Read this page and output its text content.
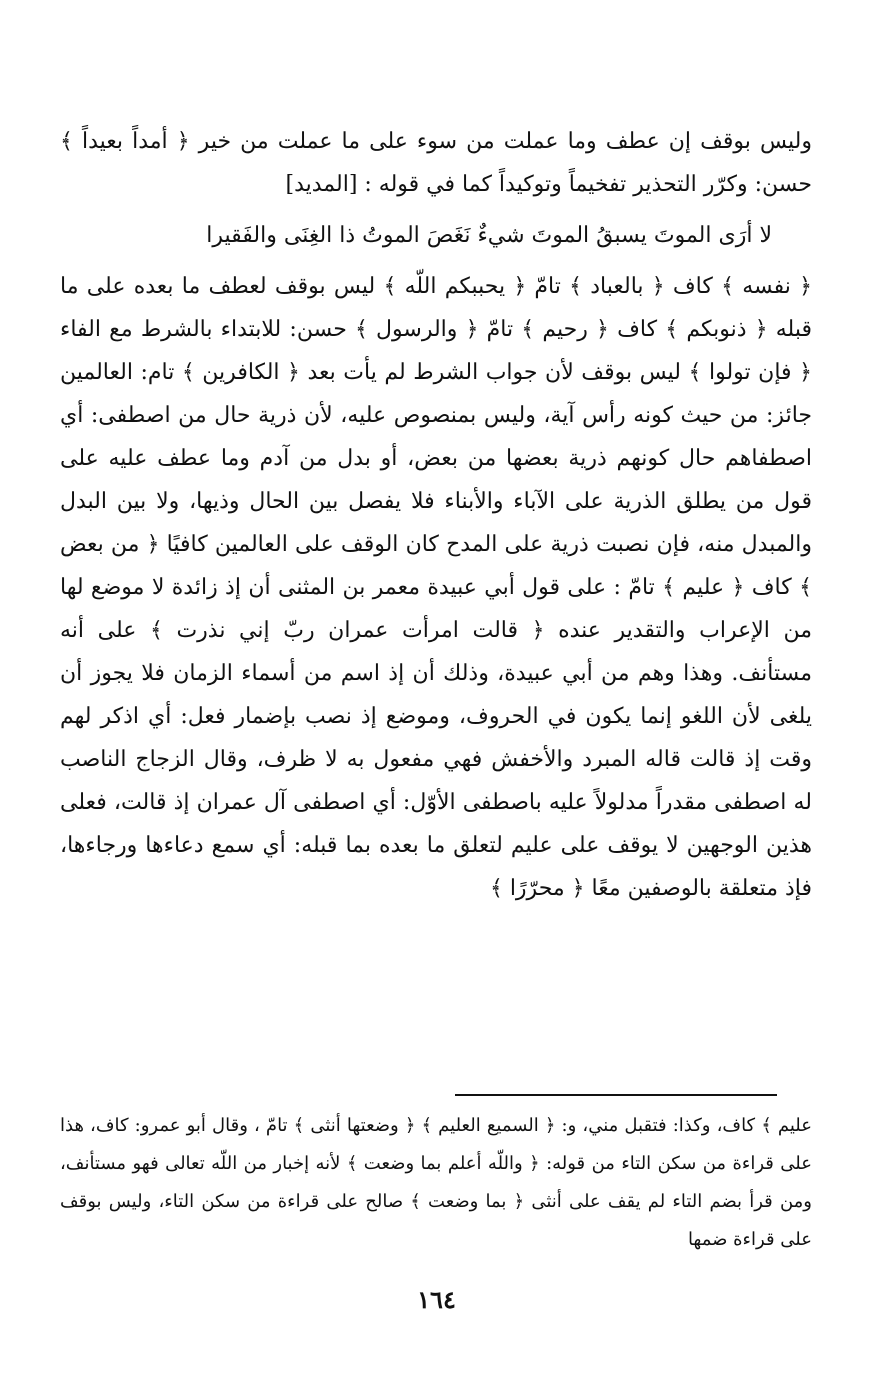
وليس بوقف إن عطف وما عملت من سوء على ما عملت من خير ﴿ أمداً بعيداً ﴾ حسن: وكرّر التحذير تفخيماً وتوكيداً كما في قوله : [المديد]

لا أرَى الموتَ يسبقُ الموتَ شيءٌ نَغَصَ الموتُ ذا الغِنَى والفَقيرا

﴿ نفسه ﴾ كاف ﴿ بالعباد ﴾ تامّ ﴿ يحببكم اللّه ﴾ ليس بوقف لعطف ما بعده على ما قبله ﴿ ذنوبكم ﴾ كاف ﴿ رحيم ﴾ تامّ ﴿ والرسول ﴾ حسن: للابتداء بالشرط مع الفاء ﴿ فإن تولوا ﴾ ليس بوقف لأن جواب الشرط لم يأت بعد ﴿ الكافرين ﴾ تام: العالمين جائز: من حيث كونه رأس آية، وليس بمنصوص عليه، لأن ذرية حال من اصطفى: أي اصطفاهم حال كونهم ذرية بعضها من بعض، أو بدل من آدم وما عطف عليه على قول من يطلق الذرية على الآباء والأبناء فلا يفصل بين الحال وذيها، ولا بين البدل والمبدل منه، فإن نصبت ذرية على المدح كان الوقف على العالمين كافيًا ﴿ من بعض ﴾ كاف ﴿ عليم ﴾ تامّ : على قول أبي عبيدة معمر بن المثنى أن إذ زائدة لا موضع لها من الإعراب والتقدير عنده ﴿ قالت امرأت عمران ربّ إني نذرت ﴾ على أنه مستأنف. وهذا وهم من أبي عبيدة، وذلك أن إذ اسم من أسماء الزمان فلا يجوز أن يلغى لأن اللغو إنما يكون في الحروف، وموضع إذ نصب بإضمار فعل: أي اذكر لهم وقت إذ قالت قاله المبرد والأخفش فهي مفعول به لا ظرف، وقال الزجاج الناصب له اصطفى مقدراً مدلولاً عليه باصطفى الأوّل: أي اصطفى آل عمران إذ قالت، فعلى هذين الوجهين لا يوقف على عليم لتعلق ما بعده بما قبله: أي سمع دعاءها ورجاءها، فإذ متعلقة بالوصفين معًا ﴿ محرّرًا ﴾

عليم ﴾ كاف، وكذا: فتقبل مني، و: ﴿ السميع العليم ﴾ ﴿ وضعتها أنثى ﴾ تامّ ، وقال أبو عمرو: كاف، هذا على قراءة من سكن التاء من قوله: ﴿ واللّه أعلم بما وضعت ﴾ لأنه إخبار من اللّه تعالى فهو مستأنف، ومن قرأ بضم التاء لم يقف على أنثى ﴿ بما وضعت ﴾ صالح على قراءة من سكن التاء، وليس بوقف على قراءة ضمها

١٦٤
